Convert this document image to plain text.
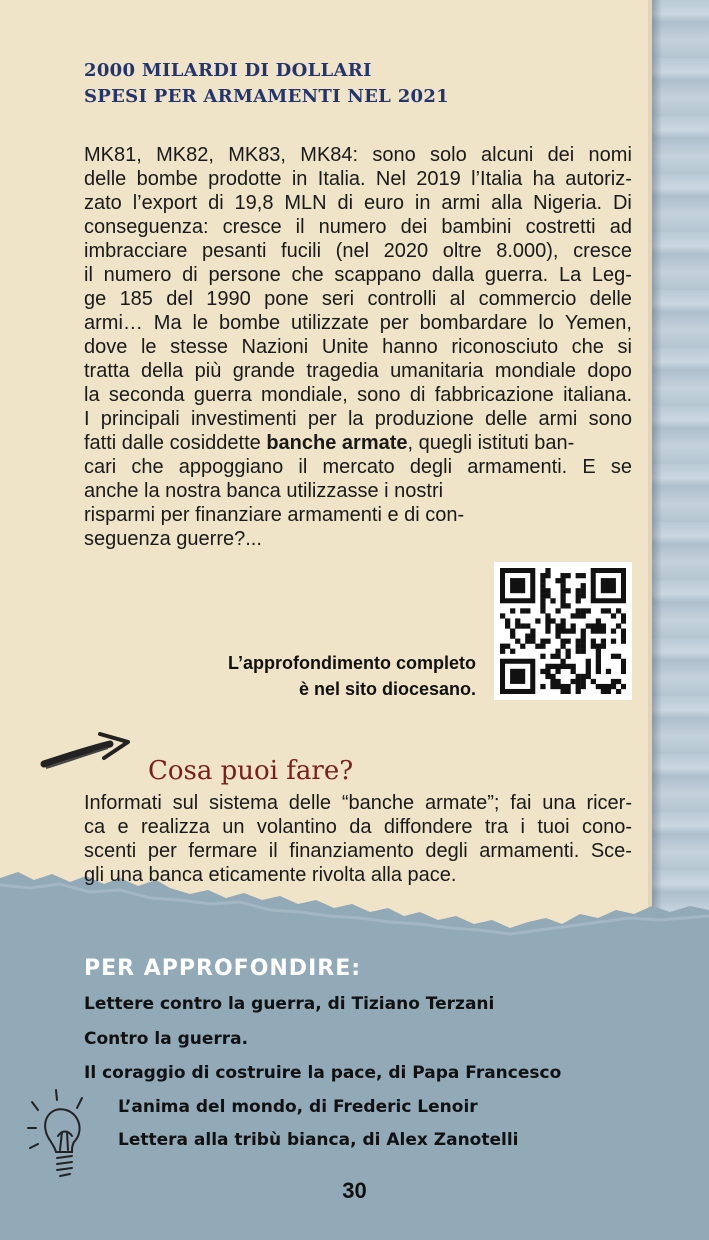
2000 MILARDI DI DOLLARI
SPESI PER ARMAMENTI NEL 2021
MK81, MK82, MK83, MK84: sono solo alcuni dei nomi
delle bombe prodotte in Italia. Nel 2019 l’Italia ha autoriz-
zato l’export di 19,8 MLN di euro in armi alla Nigeria. Di
conseguenza: cresce il numero dei bambini costretti ad
imbracciare pesanti fucili (nel 2020 oltre 8.000), cresce
il numero di persone che scappano dalla guerra. La Leg-
ge 185 del 1990 pone seri controlli al commercio delle
armi… Ma le bombe utilizzate per bombardare lo Yemen,
dove le stesse Nazioni Unite hanno riconosciuto che si
tratta della più grande tragedia umanitaria mondiale dopo
la seconda guerra mondiale, sono di fabbricazione italiana.
I principali investimenti per la produzione delle armi sono
fatti dalle cosiddette
banche armate , quegli istituti ban-
cari che appoggiano il mercato degli armamenti. E se
anche la nostra banca utilizzasse i nostri
risparmi per finanziare armamenti e di con-
seguenza guerre?...
L’approfondimento completo
è nel sito diocesano.
Cosa puoi fare?
Informati sul sistema delle “banche armate”; fai una ricer-
ca e realizza un volantino da diffondere tra i tuoi cono-
scenti per fermare il finanziamento degli armamenti. Sce-
gli una banca eticamente rivolta alla pace.
PER APPROFONDIRE:
Lettere contro la guerra, di Tiziano Terzani
Contro la guerra.
Il coraggio di costruire la pace, di Papa Francesco
L’anima del mondo, di Frederic Lenoir
Lettera alla tribù bianca, di Alex Zanotelli
30
